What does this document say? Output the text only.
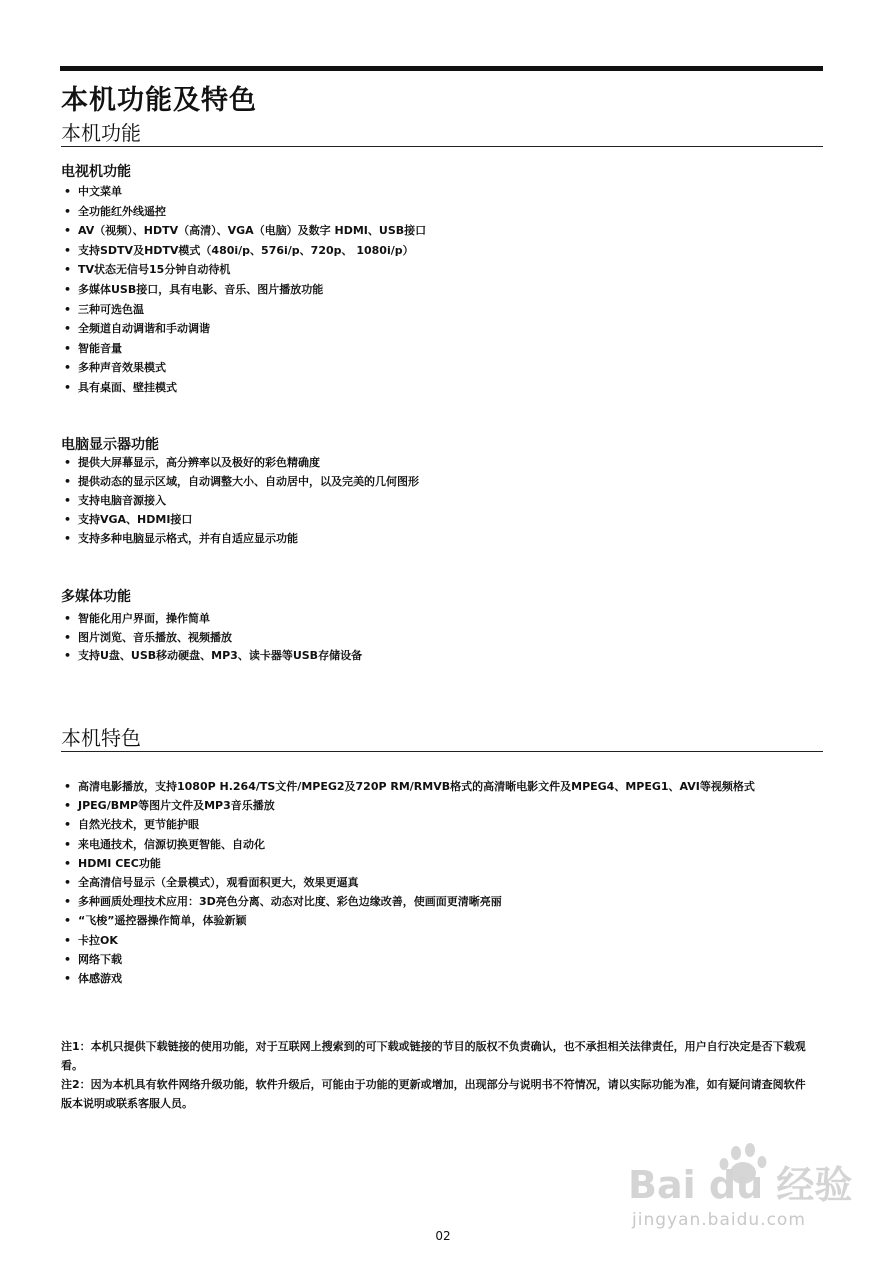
本机功能及特色
本机功能
电视机功能
• 中文菜单
• 全功能红外线遥控
• AV（视频）、HDTV（高清）、VGA（电脑）及数字 HDMI、USB接口
• 支持SDTV及HDTV模式（480i/p、576i/p、720p、 1080i/p）
• TV状态无信号15分钟自动待机
• 多媒体USB接口，具有电影、音乐、图片播放功能
• 三种可选色温
• 全频道自动调谐和手动调谐
• 智能音量
• 多种声音效果模式
• 具有桌面、壁挂模式
电脑显示器功能
• 提供大屏幕显示，高分辨率以及极好的彩色精确度
• 提供动态的显示区域，自动调整大小、自动居中，以及完美的几何图形
• 支持电脑音源接入
• 支持VGA、HDMI接口
• 支持多种电脑显示格式，并有自适应显示功能
多媒体功能
• 智能化用户界面，操作简单
• 图片浏览、音乐播放、视频播放
• 支持U盘、USB移动硬盘、MP3、读卡器等USB存储设备
本机特色
• 高清电影播放，支持1080P H.264/TS文件/MPEG2及720P RM/RMVB格式的高清晰电影文件及MPEG4、MPEG1、AVI等视频格式
• JPEG/BMP等图片文件及MP3音乐播放
• 自然光技术，更节能护眼
• 来电通技术，信源切换更智能、自动化
• HDMI CEC功能
• 全高清信号显示（全景模式），观看面积更大，效果更逼真
• 多种画质处理技术应用：3D亮色分离、动态对比度、彩色边缘改善，使画面更清晰亮丽
• “飞梭”遥控器操作简单，体验新颖
• 卡拉OK
• 网络下载
• 体感游戏

注1：本机只提供下载链接的使用功能，对于互联网上搜索到的可下载或链接的节目的版权不负责确认，也不承担相关法律责任，用户自行决定是否下载观看。

注2：因为本机具有软件网络升级功能，软件升级后，可能由于功能的更新或增加，出现部分与说明书不符情况，请以实际功能为准，如有疑问请查阅软件版本说明或联系客服人员。

Bai du 经验
jingyan.baidu.com
02
